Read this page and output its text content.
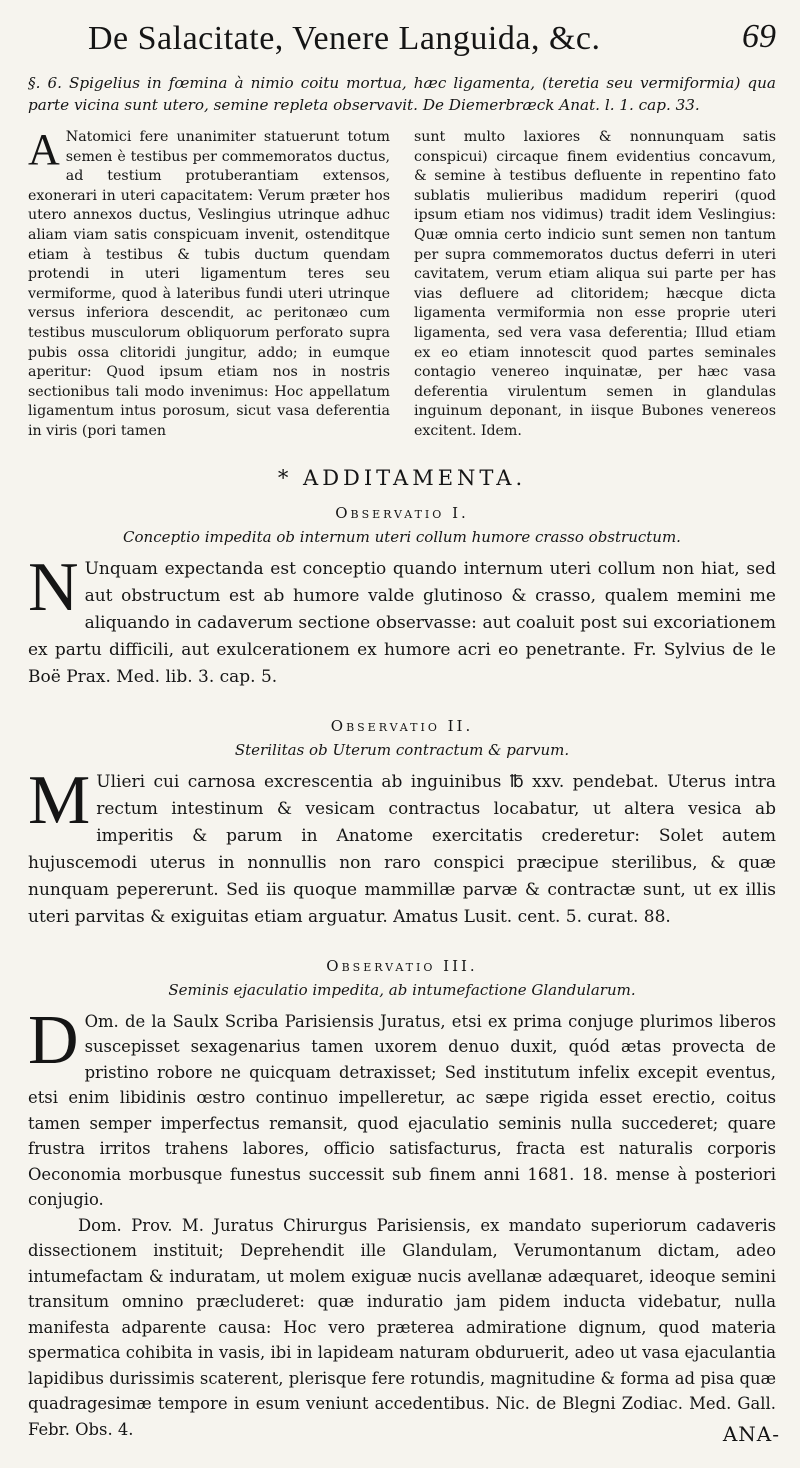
De Salacitate, Venere Languida, &c.	69

§. 6. Spigelius in fœmina à nimio coitu mortua, hæc ligamenta, (teretia seu vermiformia) qua parte vicina sunt utero, semine repleta observavit. De Diemerbræck Anat. l. 1. cap. 33.

A Natomici fere unanimiter statuerunt totum semen è testibus per commemoratos ductus, ad testium protuberantiam extensos, exonerari in uteri capacitatem: Verum præter hos utero annexos ductus, Veslingius utrinque adhuc aliam viam satis conspicuam invenit, ostenditque etiam à testibus & tubis ductum quendam protendi in uteri ligamentum teres seu vermiforme, quod à lateribus fundi uteri utrinque versus inferiora descendit, ac peritonæo cum testibus musculorum obliquorum perforato supra pubis ossa clitoridi jungitur, addo; in eumque aperitur: Quod ipsum etiam nos in nostris sectionibus tali modo invenimus: Hoc appellatum ligamentum intus porosum, sicut vasa deferentia in viris (pori tamen

sunt multo laxiores & nonnunquam satis conspicui) circaque finem evidentius concavum, & semine à testibus defluente in repentino fato sublatis mulieribus madidum reperiri (quod ipsum etiam nos vidimus) tradit idem Veslingius: Quæ omnia certo indicio sunt semen non tantum per supra commemoratos ductus deferri in uteri cavitatem, verum etiam aliqua sui parte per has vias defluere ad clitoridem; hæcque dicta ligamenta vermiformia non esse proprie uteri ligamenta, sed vera vasa deferentia; Illud etiam ex eo etiam innotescit quod partes seminales contagio venereo inquinatæ, per hæc vasa deferentia virulentum semen in glandulas inguinum deponant, in iisque Bubones venereos excitent. Idem.

* ADDITAMENTA.
Observatio I.
Conceptio impedita ob internum uteri collum humore crasso obstructum.

N Unquam expectanda est conceptio quando internum uteri collum non hiat, sed aut obstructum est ab humore valde glutinoso & crasso, qualem memini me aliquando in cadaverum sectione observasse: aut coaluit post sui excoriationem ex partu difficili, aut exulcerationem ex humore acri eo penetrante. Fr. Sylvius de le Boë Prax. Med. lib. 3. cap. 5.

Observatio II.
Sterilitas ob Uterum contractum & parvum.

M Ulieri cui carnosa excrescentia ab inguinibus ℔ xxv. pendebat. Uterus intra rectum intestinum & vesicam contractus locabatur, ut altera vesica ab imperitis & parum in Anatome exercitatis crederetur: Solet autem hujuscemodi uterus in nonnullis non raro conspici præcipue sterilibus, & quæ nunquam pepererunt. Sed iis quoque mammillæ parvæ & contractæ sunt, ut ex illis uteri parvitas & exiguitas etiam arguatur. Amatus Lusit. cent. 5. curat. 88.

Observatio III.
Seminis ejaculatio impedita, ab intumefactione Glandularum.

D Om. de la Saulx Scriba Parisiensis Juratus, etsi ex prima conjuge plurimos liberos suscepisset sexagenarius tamen uxorem denuo duxit, quód ætas provecta de pristino robore ne quicquam detraxisset; Sed institutum infelix excepit eventus, etsi enim libidinis œstro continuo impelleretur, ac sæpe rigida esset erectio, coitus tamen semper imperfectus remansit, quod ejaculatio seminis nulla succederet; quare frustra irritos trahens labores, officio satisfacturus, fracta est naturalis corporis Oeconomia morbusque funestus successit sub finem anni 1681. 18. mense à posteriori conjugio.

Dom. Prov. M. Juratus Chirurgus Parisiensis, ex mandato superiorum cadaveris dissectionem instituit; Deprehendit ille Glandulam, Verumontanum dictam, adeo intumefactam & induratam, ut molem exiguæ nucis avellanæ adæquaret, ideoque semini transitum omnino præcluderet: quæ induratio jam pidem inducta videbatur, nulla manifesta adparente causa: Hoc vero præterea admiratione dignum, quod materia spermatica cohibita in vasis, ibi in lapideam naturam obduruerit, adeo ut vasa ejaculantia lapidibus durissimis scaterent, plerisque fere rotundis, magnitudine & forma ad pisa quæ quadragesimæ tempore in esum veniunt accedentibus. Nic. de Blegni Zodiac. Med. Gall. Febr. Obs. 4.	ANA-
